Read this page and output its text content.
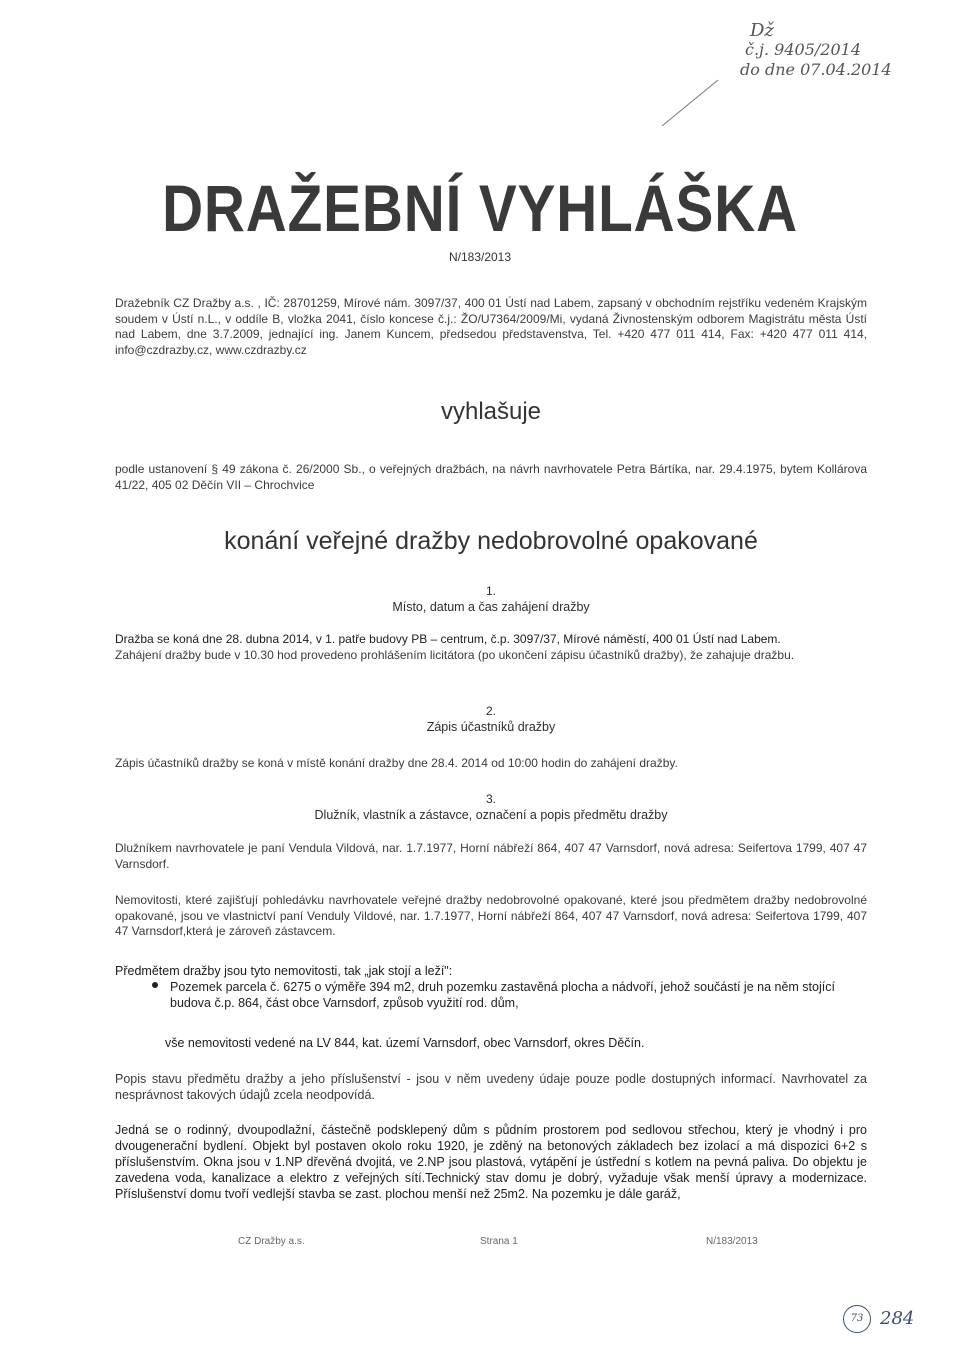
Dž
č.j. 9405/2014
do dne 07.04.2014
DRAŽEBNÍ VYHLÁŠKA
N/183/2013
Dražebník CZ Dražby a.s. , IČ: 28701259, Mírové nám. 3097/37, 400 01 Ústí nad Labem, zapsaný v obchodním rejstříku vedeném Krajským soudem v Ústí n.L., v oddíle B, vložka 2041, číslo koncese č.j.: ŽO/U7364/2009/Mi, vydaná Živnostenským odborem Magistrátu města Ústí nad Labem, dne 3.7.2009, jednající ing. Janem Kuncem, předsedou představenstva, Tel. +420 477 011 414, Fax: +420 477 011 414, info@czdrazby.cz, www.czdrazby.cz
vyhlašuje
podle ustanovení § 49 zákona č. 26/2000 Sb., o veřejných dražbách, na návrh navrhovatele Petra Bártíka, nar. 29.4.1975, bytem Kollárova 41/22, 405 02 Děčín VII – Chrochvice
konání veřejné dražby nedobrovolné opakované
1.
Místo, datum a čas zahájení dražby
Dražba se koná dne 28. dubna 2014, v 1. patře budovy PB – centrum, č.p. 3097/37, Mírové náměstí, 400 01 Ústí nad Labem.
Zahájení dražby bude v 10.30 hod provedeno prohlášením licitátora (po ukončení zápisu účastníků dražby), že zahajuje dražbu.
2.
Zápis účastníků dražby
Zápis účastníků dražby se koná v místě konání dražby dne 28.4. 2014 od 10:00 hodin do zahájení dražby.
3.
Dlužník, vlastník a zástavce, označení a popis předmětu dražby
Dlužníkem navrhovatele je paní Vendula Vildová, nar. 1.7.1977, Horní nábřeží 864, 407 47 Varnsdorf, nová adresa: Seifertova 1799, 407 47 Varnsdorf.
Nemovitosti, které zajišťují pohledávku navrhovatele veřejné dražby nedobrovolné opakované, které jsou předmětem dražby nedobrovolné opakované, jsou ve vlastnictví paní Venduly Vildové, nar. 1.7.1977, Horní nábřeží 864, 407 47 Varnsdorf, nová adresa: Seifertova 1799, 407 47 Varnsdorf,která je zároveň zástavcem.
Předmětem dražby jsou tyto nemovitosti, tak „jak stojí a leží":
Pozemek parcela č. 6275 o výměře 394 m2, druh pozemku zastavěná plocha a nádvoří, jehož součástí je na něm stojící budova č.p. 864, část obce Varnsdorf, způsob využití rod. dům,
vše nemovitosti vedené na LV 844, kat. území Varnsdorf, obec Varnsdorf, okres Děčín.
Popis stavu předmětu dražby a jeho příslušenství - jsou v něm uvedeny údaje pouze podle dostupných informací. Navrhovatel za nesprávnost takových údajů zcela neodpovídá.
Jedná se o rodinný, dvoupodlažní, částečně podsklepený dům s půdním prostorem pod sedlovou střechou, který je vhodný i pro dvougenerační bydlení. Objekt byl postaven okolo roku 1920, je zděný na betonových základech bez izolací a má dispozici 6+2 s příslušenstvím. Okna jsou v 1.NP dřevěná dvojitá, ve 2.NP jsou plastová, vytápění je ústřední s kotlem na pevná paliva. Do objektu je zavedena voda, kanalizace a elektro z veřejných sítí.Technický stav domu je dobrý, vyžaduje však menší úpravy a modernizace. Příslušenství domu tvoří vedlejší stavba se zast. plochou menší než 25m2. Na pozemku je dále garáž,
CZ Dražby a.s.	Strana 1	N/183/2013
73 284
